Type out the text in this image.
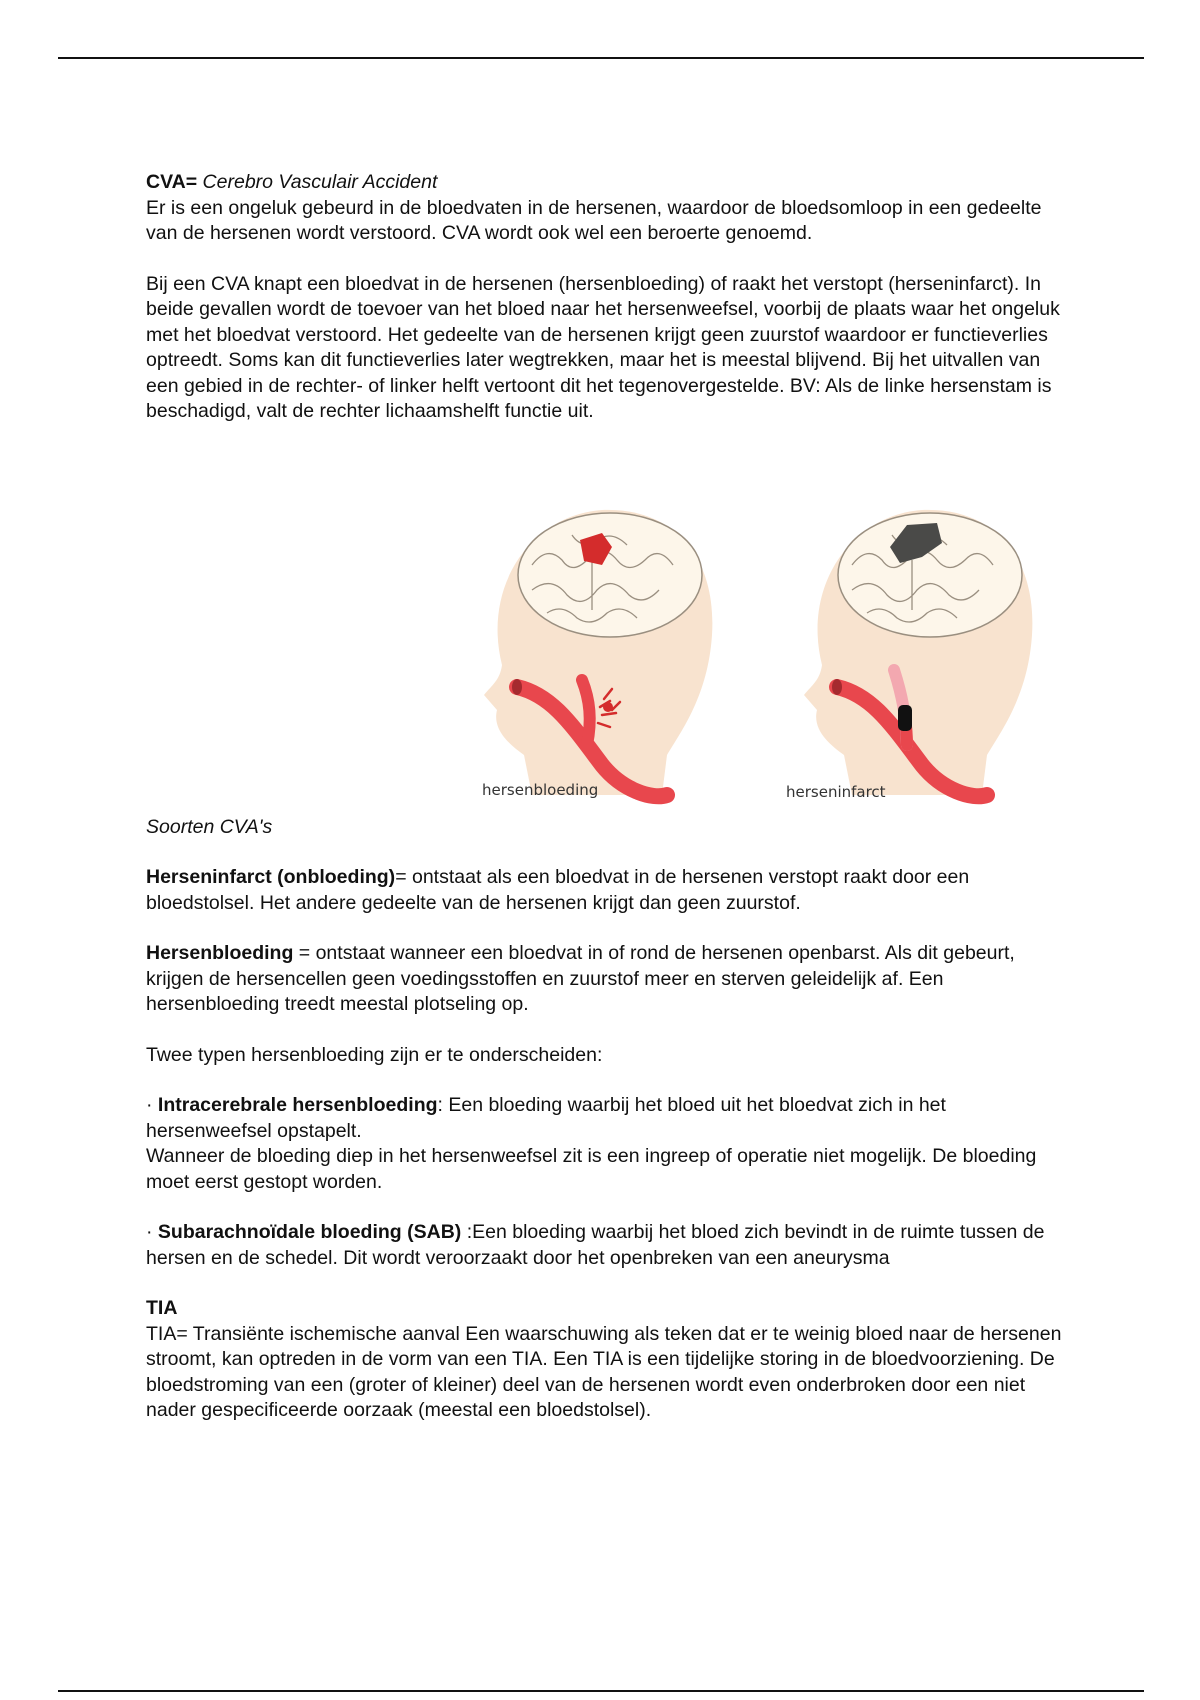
CVA= Cerebro Vasculair Accident

Er is een ongeluk gebeurd in de bloedvaten in de hersenen, waardoor de bloedsomloop in een gedeelte van de hersenen wordt verstoord. CVA wordt ook wel een beroerte genoemd.

Bij een CVA knapt een bloedvat in de hersenen (hersenbloeding) of raakt het verstopt (herseninfarct). In beide gevallen wordt de toevoer van het bloed naar het hersenweefsel, voorbij de plaats waar het ongeluk met het bloedvat verstoord. Het gedeelte van de hersenen krijgt geen zuurstof waardoor er functieverlies optreedt. Soms kan dit functieverlies later wegtrekken, maar het is meestal blijvend. Bij het uitvallen van een gebied in de rechter- of linker helft vertoont dit het tegenovergestelde. BV: Als de linke hersenstam is beschadigd, valt de rechter lichaamshelft functie uit.

hersenbloeding	herseninfarct

Soorten CVA's

Herseninfarct (onbloeding)= ontstaat als een bloedvat in de hersenen verstopt raakt door een bloedstolsel. Het andere gedeelte van de hersenen krijgt dan geen zuurstof.

Hersenbloeding = ontstaat wanneer een bloedvat in of rond de hersenen openbarst. Als dit gebeurt, krijgen de hersencellen geen voedingsstoffen en zuurstof meer en sterven geleidelijk af. Een hersenbloeding treedt meestal plotseling op.

Twee typen hersenbloeding zijn er te onderscheiden:

· Intracerebrale hersenbloeding: Een bloeding waarbij het bloed uit het bloedvat zich in het hersenweefsel opstapelt.

Wanneer de bloeding diep in het hersenweefsel zit is een ingreep of operatie niet mogelijk. De bloeding moet eerst gestopt worden.

· Subarachnoïdale bloeding (SAB) :Een bloeding waarbij het bloed zich bevindt in de ruimte tussen de hersen en de schedel. Dit wordt veroorzaakt door het openbreken van een aneurysma

TIA

TIA= Transiënte ischemische aanval Een waarschuwing als teken dat er te weinig bloed naar de hersenen stroomt, kan optreden in de vorm van een TIA. Een TIA is een tijdelijke storing in de bloedvoorziening. De bloedstroming van een (groter of kleiner) deel van de hersenen wordt even onderbroken door een niet nader gespecificeerde oorzaak (meestal een bloedstolsel).
